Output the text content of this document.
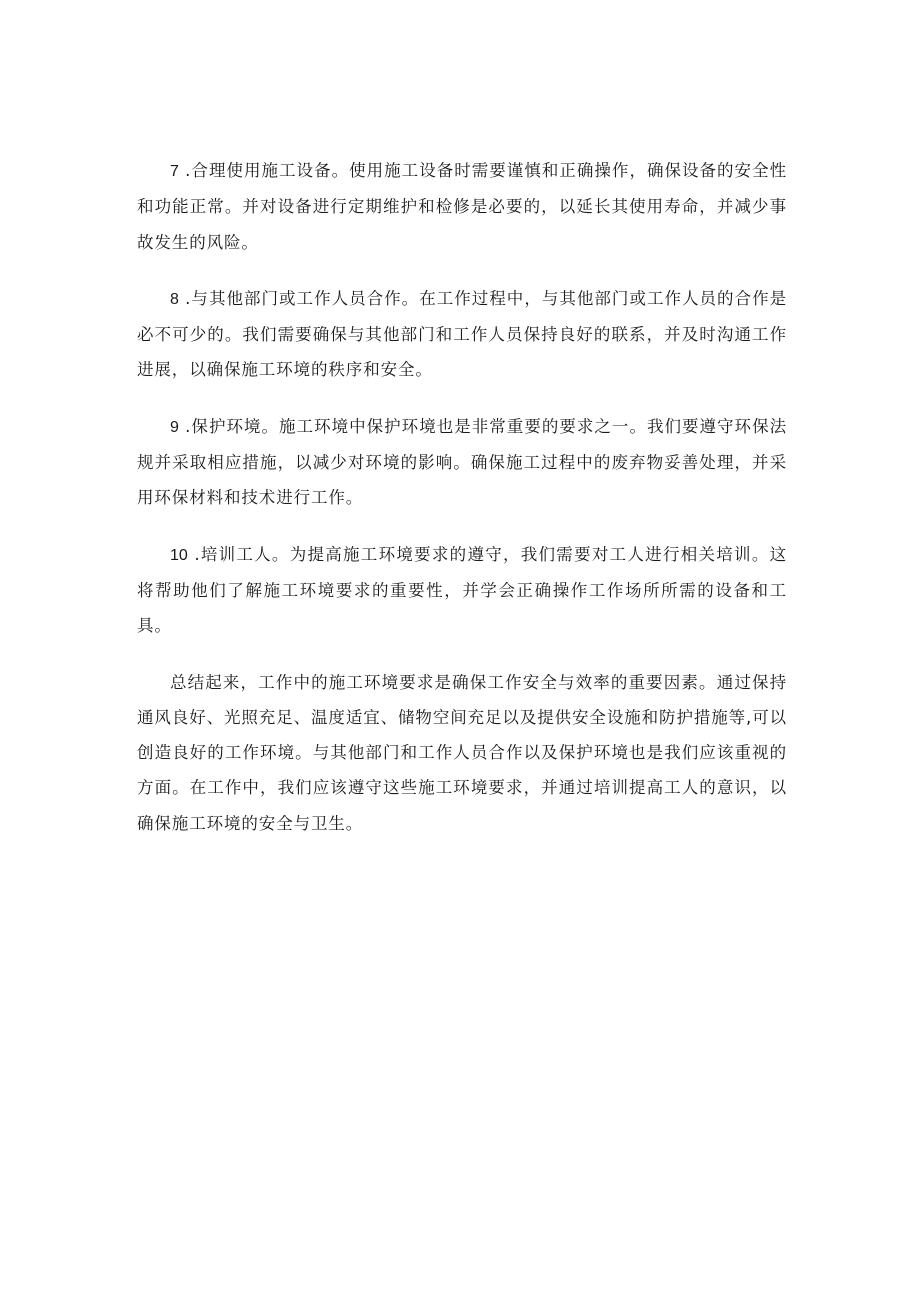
7 .合理使用施工设备。使用施工设备时需要谨慎和正确操作，确保设备的安全性和功能正常。并对设备进行定期维护和检修是必要的，以延长其使用寿命，并减少事故发生的风险。

8 .与其他部门或工作人员合作。在工作过程中，与其他部门或工作人员的合作是必不可少的。我们需要确保与其他部门和工作人员保持良好的联系，并及时沟通工作进展，以确保施工环境的秩序和安全。

9 .保护环境。施工环境中保护环境也是非常重要的要求之一。我们要遵守环保法规并采取相应措施，以减少对环境的影响。确保施工过程中的废弃物妥善处理，并采用环保材料和技术进行工作。

10 .培训工人。为提高施工环境要求的遵守，我们需要对工人进行相关培训。这将帮助他们了解施工环境要求的重要性，并学会正确操作工作场所所需的设备和工具。

总结起来，工作中的施工环境要求是确保工作安全与效率的重要因素。通过保持通风良好、光照充足、温度适宜、储物空间充足以及提供安全设施和防护措施等,可以创造良好的工作环境。与其他部门和工作人员合作以及保护环境也是我们应该重视的方面。在工作中，我们应该遵守这些施工环境要求，并通过培训提高工人的意识，以确保施工环境的安全与卫生。
